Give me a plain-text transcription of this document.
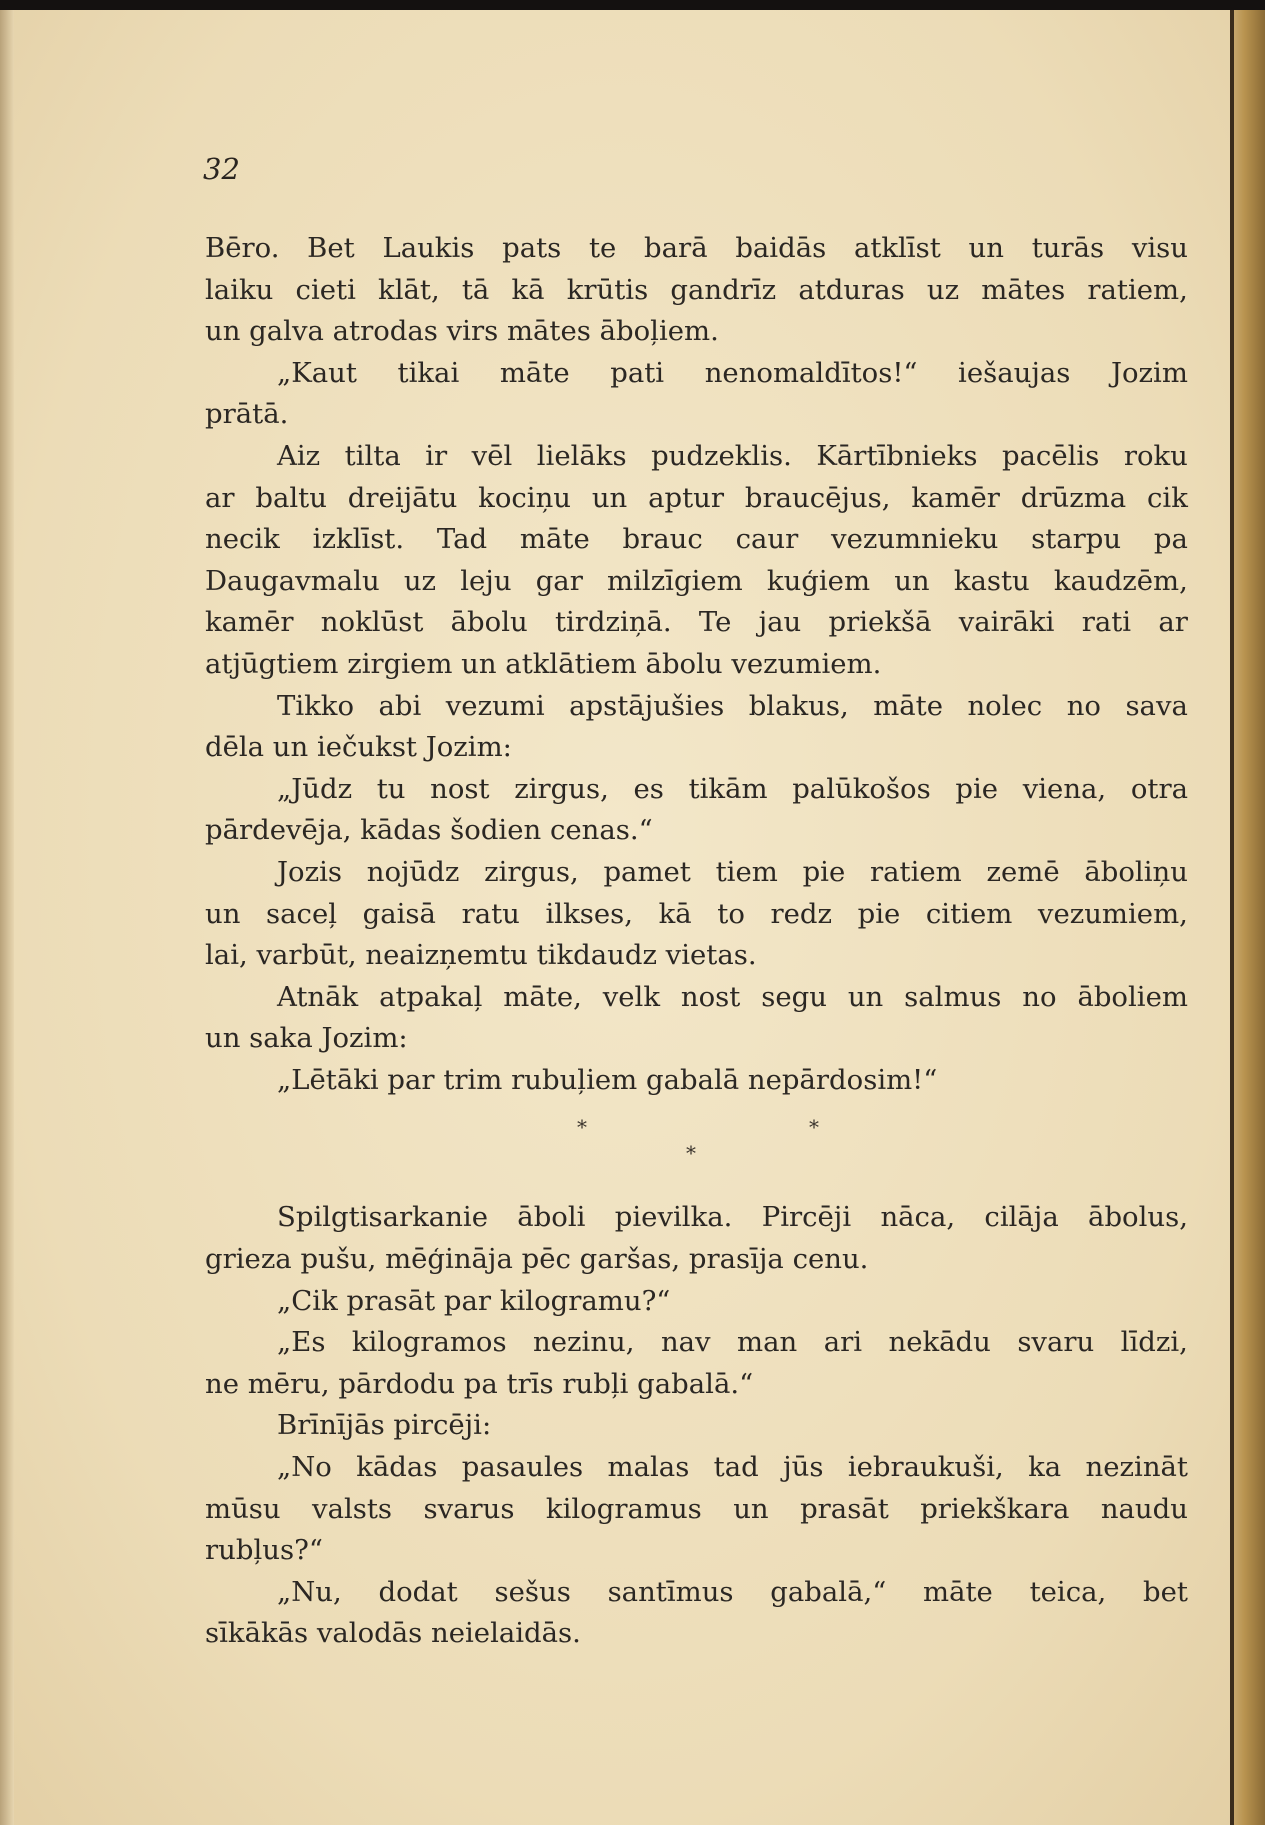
32
Bēro. Bet Laukis pats te barā baidās atklīst un turās visu
laiku cieti klāt, tā kā krūtis gandrīz atduras uz mātes ratiem,
un galva atrodas virs mātes āboļiem.
„Kaut tikai māte pati nenomaldītos!“ iešaujas Jozim
prātā.
Aiz tilta ir vēl lielāks pudzeklis. Kārtībnieks pacēlis roku
ar baltu dreijātu kociņu un aptur braucējus, kamēr drūzma cik
necik izklīst. Tad māte brauc caur vezumnieku starpu pa
Daugavmalu uz leju gar milzīgiem kuģiem un kastu kaudzēm,
kamēr noklūst ābolu tirdziņā. Te jau priekšā vairāki rati ar
atjūgtiem zirgiem un atklātiem ābolu vezumiem.
Tikko abi vezumi apstājušies blakus, māte nolec no sava
dēla un iečukst Jozim:
„Jūdz tu nost zirgus, es tikām palūkošos pie viena, otra
pārdevēja, kādas šodien cenas.“
Jozis nojūdz zirgus, pamet tiem pie ratiem zemē āboliņu
un saceļ gaisā ratu ilkses, kā to redz pie citiem vezumiem,
lai, varbūt, neaizņemtu tikdaudz vietas.
Atnāk atpakaļ māte, velk nost segu un salmus no āboliem
un saka Jozim:
„Lētāki par trim rubuļiem gabalā nepārdosim!“
*	*
*
Spilgtisarkanie āboli pievilka. Pircēji nāca, cilāja ābolus,
grieza pušu, mēģināja pēc garšas, prasīja cenu.
„Cik prasāt par kilogramu?“
„Es kilogramos nezinu, nav man ari nekādu svaru līdzi,
ne mēru, pārdodu pa trīs rubļi gabalā.“
Brīnījās pircēji:
„No kādas pasaules malas tad jūs iebraukuši, ka nezināt
mūsu valsts svarus kilogramus un prasāt priekškara naudu
rubļus?“
„Nu, dodat sešus santīmus gabalā,“ māte teica, bet
sīkākās valodās neielaidās.
